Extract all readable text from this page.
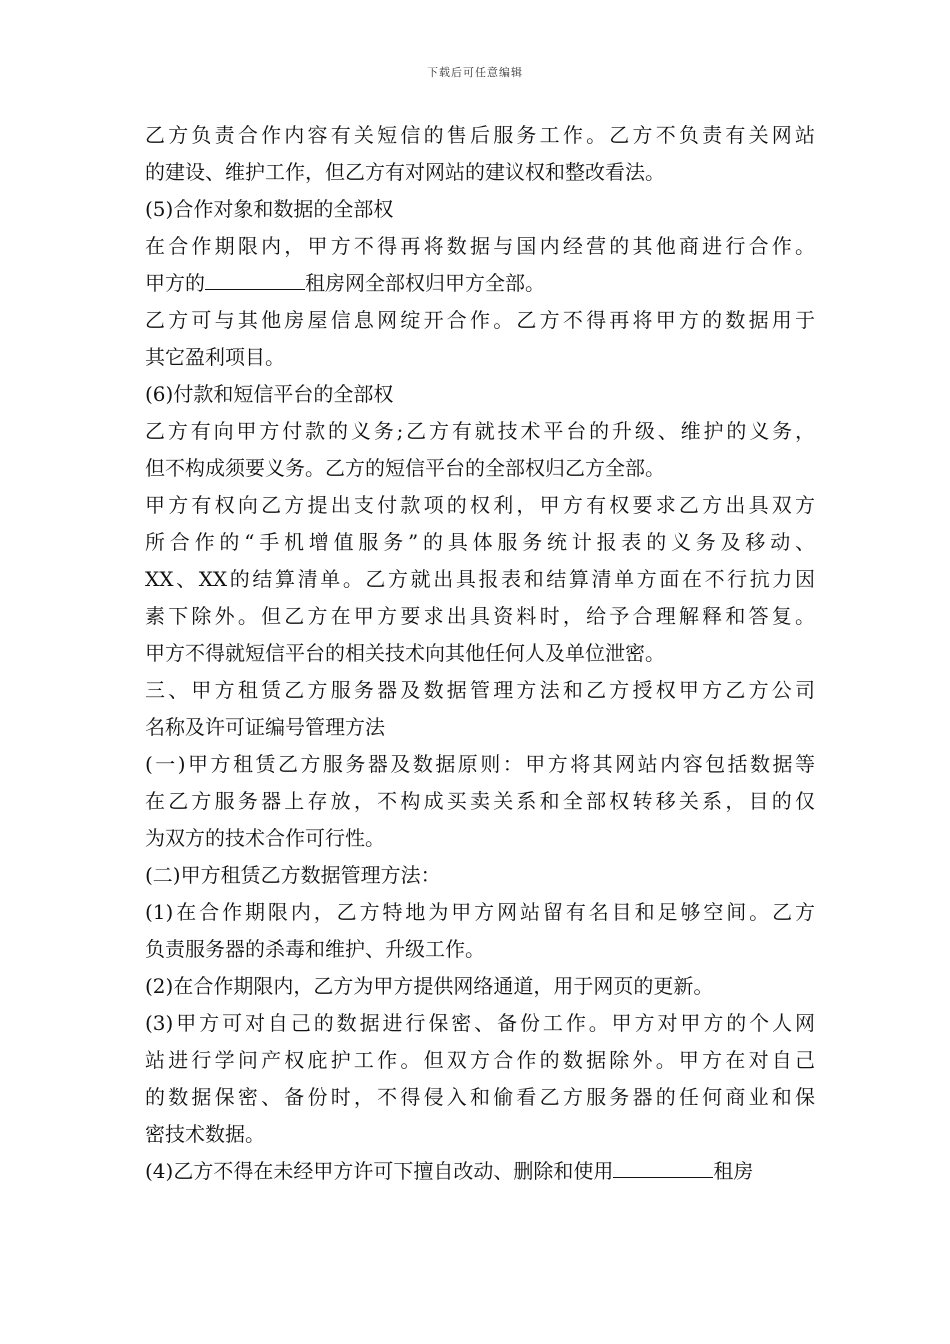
下载后可任意编辑
乙方负责合作内容有关短信的售后服务工作。乙方不负责有关网站
的建设、维护工作，但乙方有对网站的建议权和整改看法。
(5)合作对象和数据的全部权
在合作期限内，甲方不得再将数据与国内经营的其他商进行合作。
甲方的	租房网全部权归甲方全部。
乙方可与其他房屋信息网绽开合作。乙方不得再将甲方的数据用于
其它盈利项目。
(6)付款和短信平台的全部权
乙方有向甲方付款的义务;乙方有就技术平台的升级、维护的义务，
但不构成须要义务。乙方的短信平台的全部权归乙方全部。
甲方有权向乙方提出支付款项的权利，甲方有权要求乙方出具双方
所合作的“手机增值服务”的具体服务统计报表的义务及移动、
XX、XX的结算清单。乙方就出具报表和结算清单方面在不行抗力因
素下除外。但乙方在甲方要求出具资料时，给予合理解释和答复。
甲方不得就短信平台的相关技术向其他任何人及单位泄密。
三、甲方租赁乙方服务器及数据管理方法和乙方授权甲方乙方公司
名称及许可证编号管理方法
(一)甲方租赁乙方服务器及数据原则：甲方将其网站内容包括数据等
在乙方服务器上存放，不构成买卖关系和全部权转移关系，目的仅
为双方的技术合作可行性。
(二)甲方租赁乙方数据管理方法：
(1)在合作期限内，乙方特地为甲方网站留有名目和足够空间。乙方
负责服务器的杀毒和维护、升级工作。
(2)在合作期限内，乙方为甲方提供网络通道，用于网页的更新。
(3)甲方可对自己的数据进行保密、备份工作。甲方对甲方的个人网
站进行学问产权庇护工作。但双方合作的数据除外。甲方在对自己
的数据保密、备份时，不得侵入和偷看乙方服务器的任何商业和保
密技术数据。
(4)乙方不得在未经甲方许可下擅自改动、删除和使用	租房
